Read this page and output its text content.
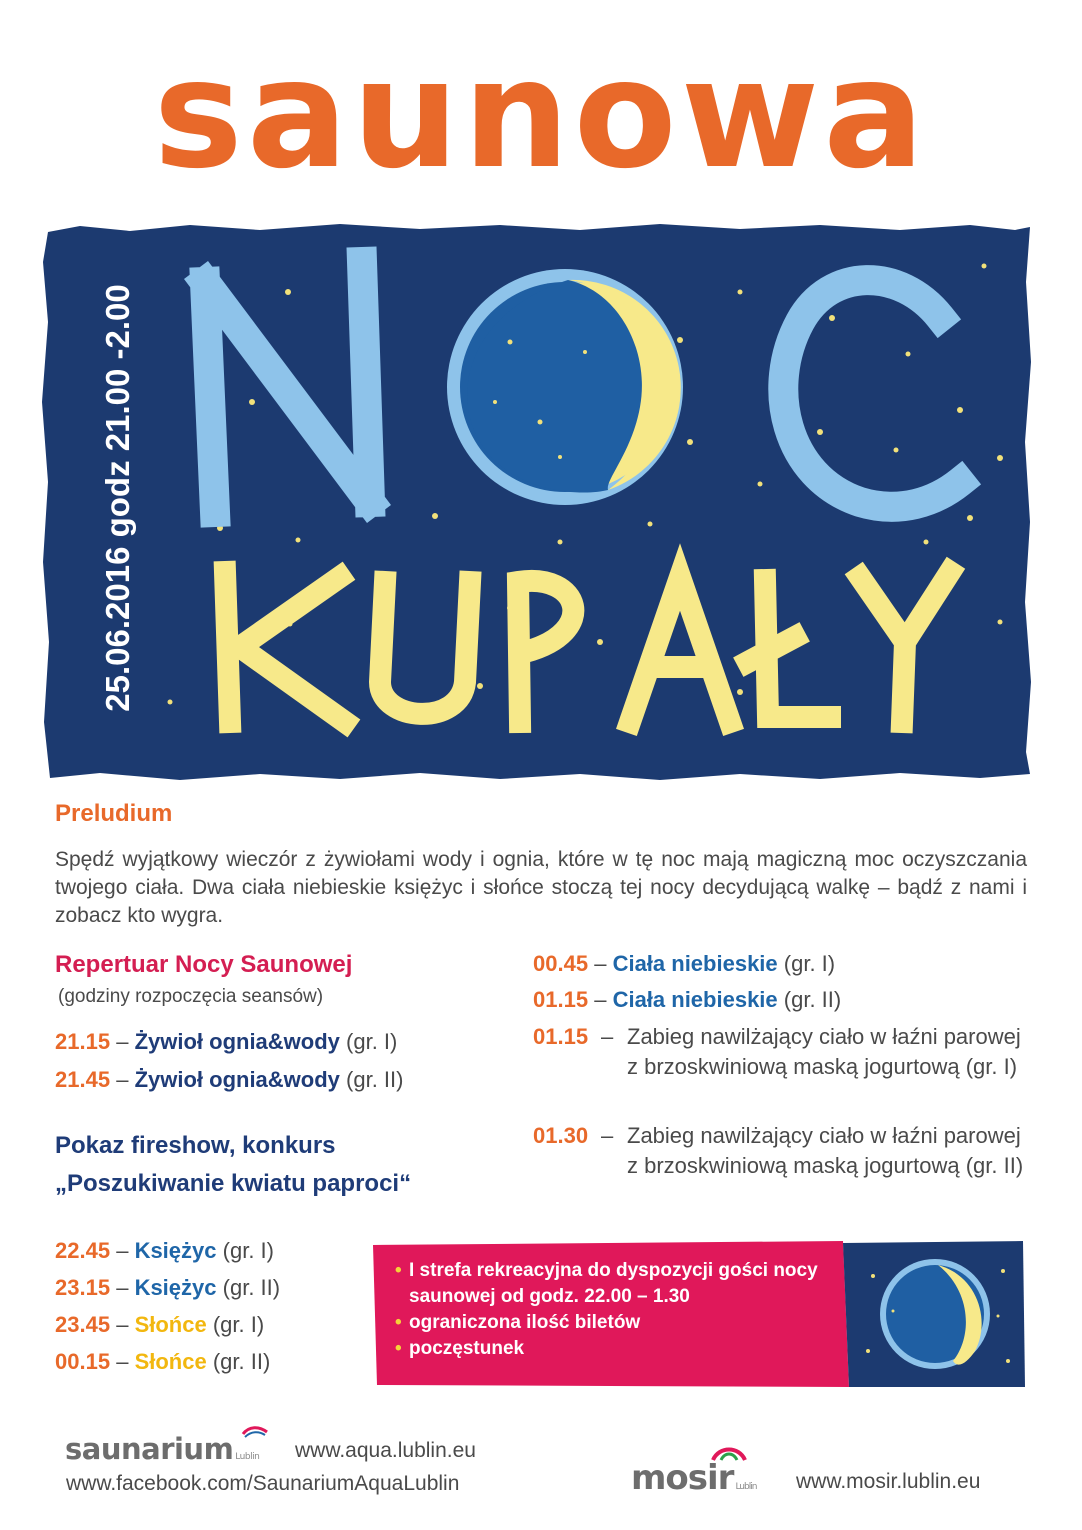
saunowa
25.06.2016 godz 21.00 -2.00
Preludium
Spędź wyjątkowy wieczór z żywiołami wody i ognia, które w tę noc mają magiczną moc oczyszczania twojego ciała. Dwa ciała niebieskie księżyc i słońce stoczą tej nocy decydującą walkę – bądź z nami i zobacz kto wygra.
Repertuar Nocy Saunowej
(godziny rozpoczęcia seansów)
21.15 – Żywioł ognia&wody (gr. I)
21.45 – Żywioł ognia&wody (gr. II)
Pokaz fireshow, konkurs
„Poszukiwanie kwiatu paproci“
22.45 – Księżyc (gr. I)
23.15 – Księżyc (gr. II)
23.45 – Słońce (gr. I)
00.15 – Słońce (gr. II)
00.45 – Ciała niebieskie (gr. I)
01.15 – Ciała niebieskie (gr. II)
01.15 – Zabieg nawilżający ciało w łaźni parowej z brzoskwiniową maską jogurtową (gr. I)
01.30 – Zabieg nawilżający ciało w łaźni parowej z brzoskwiniową maską jogurtową (gr. II)
• I strefa rekreacyjna do dyspozycji gości nocy saunowej od godz. 22.00 – 1.30
• ograniczona ilość biletów
• poczęstunek
saunarium Lublin www.aqua.lublin.eu
www.facebook.com/SaunariumAquaLublin	mosir Lublin www.mosir.lublin.eu
